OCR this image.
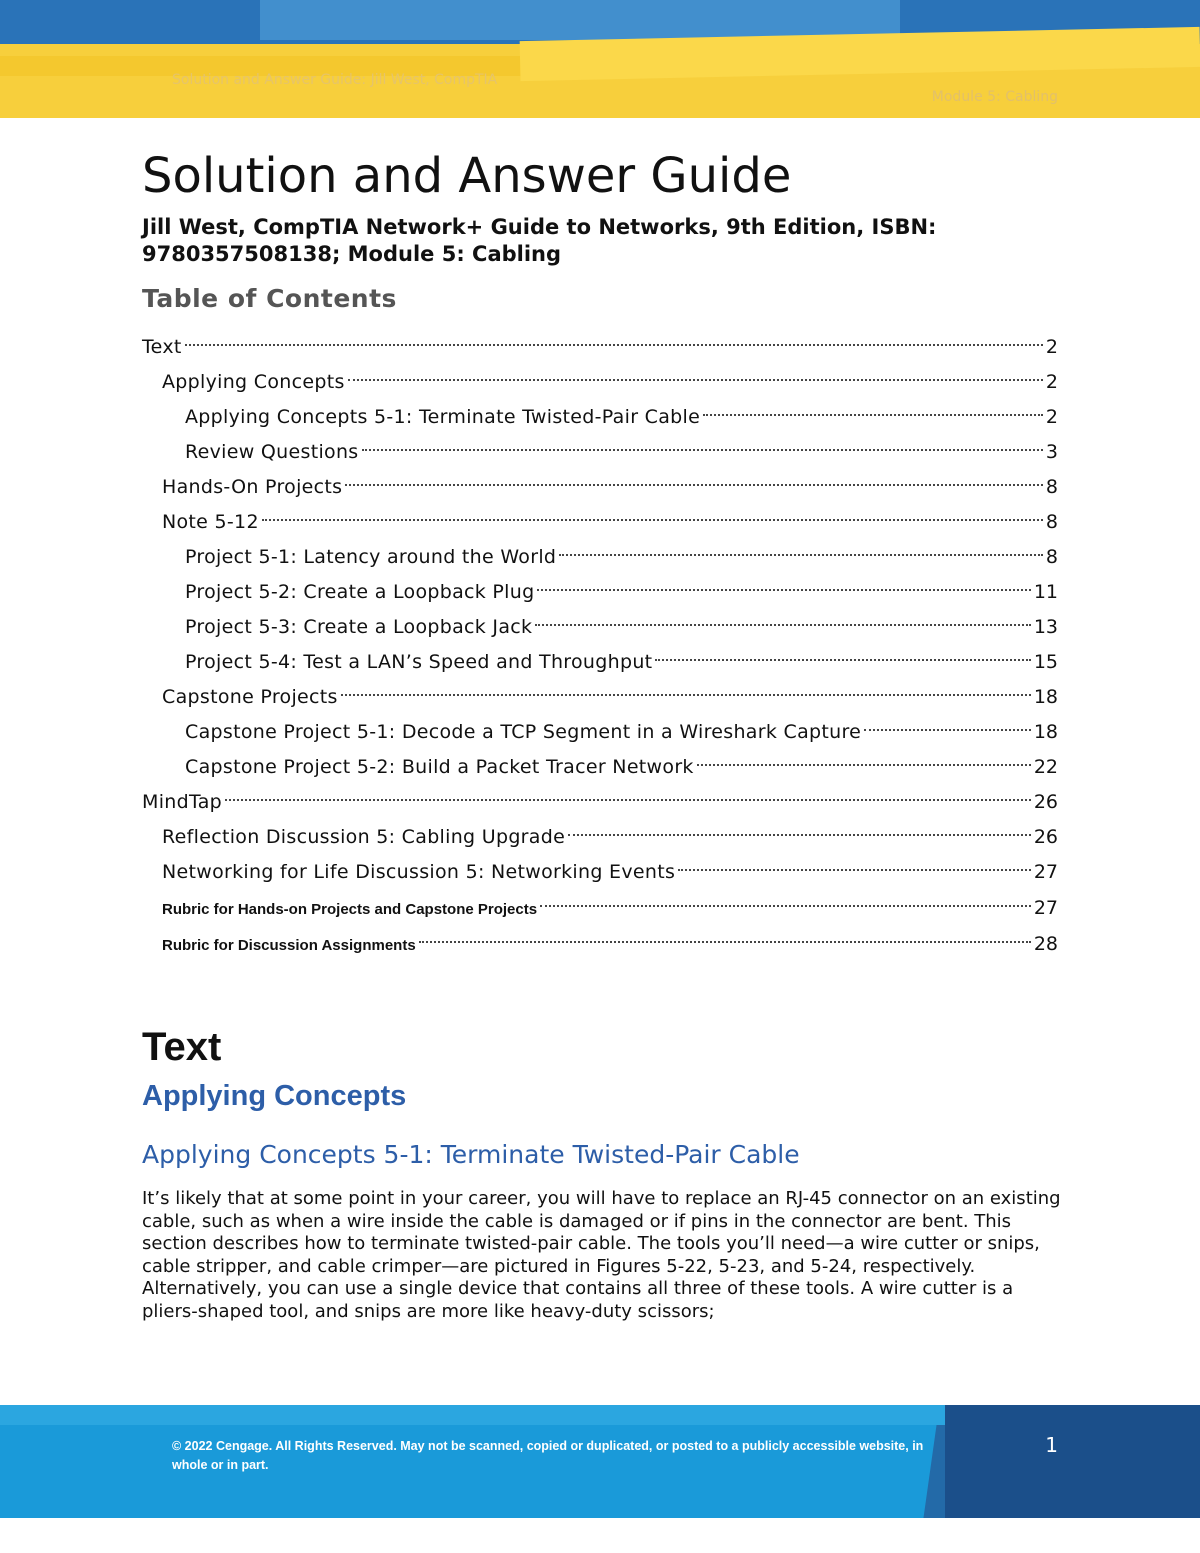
Solution and Answer Guide: Jill West, CompTIA
Module 5: Cabling
Solution and Answer Guide

Jill West, CompTIA Network+ Guide to Networks, 9th Edition, ISBN: 9780357508138; Module 5: Cabling

Table of Contents
Text	2
Applying Concepts	2
Applying Concepts 5-1: Terminate Twisted-Pair Cable	2
Review Questions	3
Hands-On Projects	8
Note 5-12	8
Project 5-1: Latency around the World	8
Project 5-2: Create a Loopback Plug	11
Project 5-3: Create a Loopback Jack	13
Project 5-4: Test a LAN’s Speed and Throughput	15
Capstone Projects	18
Capstone Project 5-1: Decode a TCP Segment in a Wireshark Capture	18
Capstone Project 5-2: Build a Packet Tracer Network	22
MindTap	26
Reflection Discussion 5: Cabling Upgrade	26
Networking for Life Discussion 5: Networking Events	27
Rubric for Hands-on Projects and Capstone Projects	27
Rubric for Discussion Assignments	28
Text
Applying Concepts
Applying Concepts 5-1: Terminate Twisted-Pair Cable

It’s likely that at some point in your career, you will have to replace an RJ-45 connector on an existing cable, such as when a wire inside the cable is damaged or if pins in the connector are bent. This section describes how to terminate twisted-pair cable. The tools you’ll need—a wire cutter or snips, cable stripper, and cable crimper—are pictured in Figures 5-22, 5-23, and 5-24, respectively. Alternatively, you can use a single device that contains all three of these tools. A wire cutter is a pliers-shaped tool, and snips are more like heavy-duty scissors;

© 2022 Cengage. All Rights Reserved. May not be scanned, copied or duplicated, or posted to a publicly accessible website, in whole or in part.

1
